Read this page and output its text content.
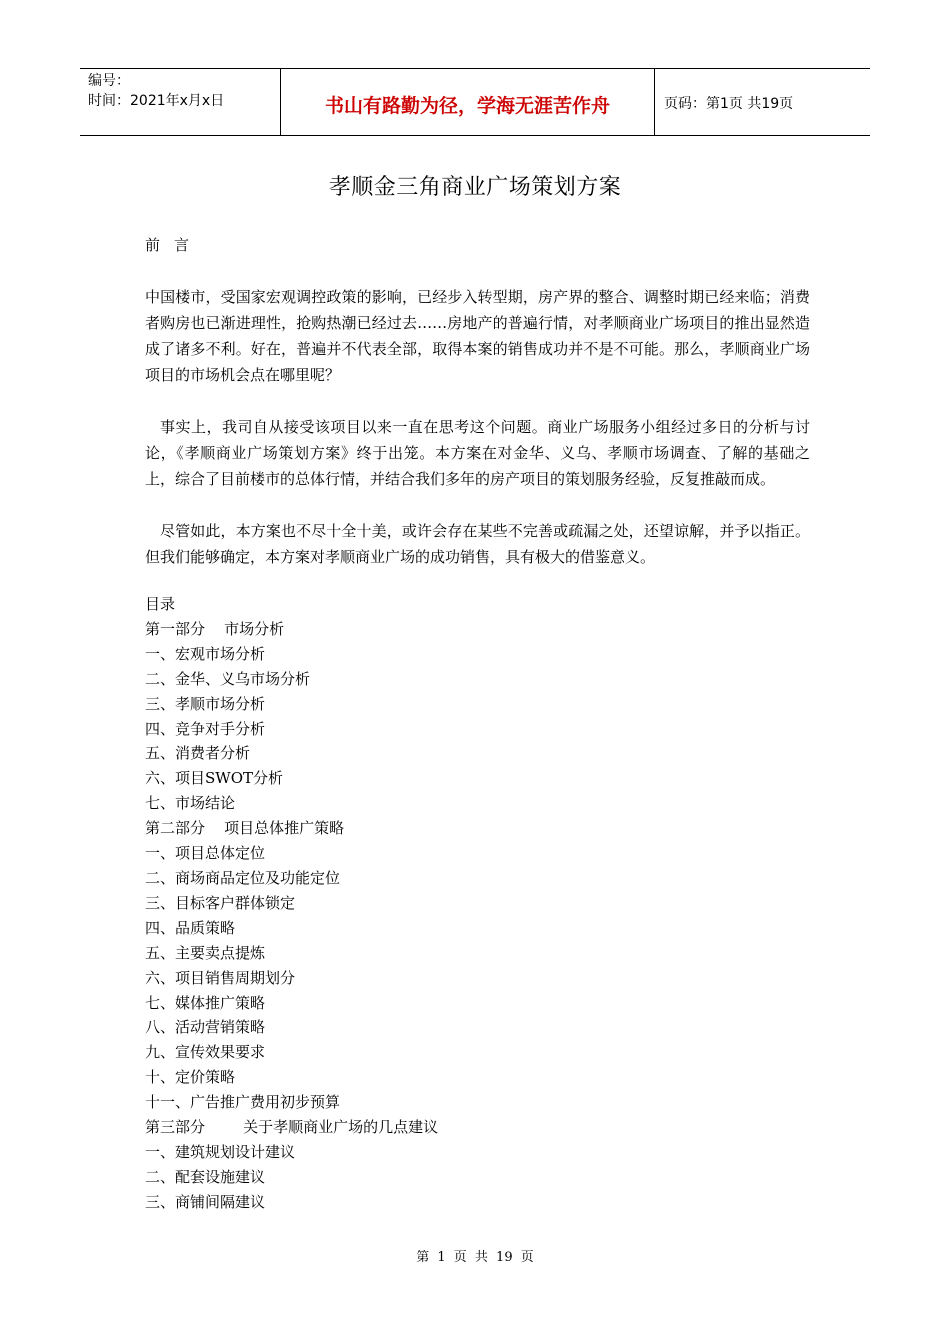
编号：
时间：2021年x月x日	书山有路勤为径，学海无涯苦作舟	页码：第1页 共19页
孝顺金三角商业广场策划方案

前言

中国楼市，受国家宏观调控政策的影响，已经步入转型期，房产界的整合、调整时期已经来临；消费者购房也已渐进理性，抢购热潮已经过去……房地产的普遍行情，对孝顺商业广场项目的推出显然造成了诸多不利。好在，普遍并不代表全部，取得本案的销售成功并不是不可能。那么，孝顺商业广场项目的市场机会点在哪里呢？

事实上，我司自从接受该项目以来一直在思考这个问题。商业广场服务小组经过多日的分析与讨论，《孝顺商业广场策划方案》终于出笼。本方案在对金华、义乌、孝顺市场调查、了解的基础之上，综合了目前楼市的总体行情，并结合我们多年的房产项目的策划服务经验，反复推敲而成。

尽管如此，本方案也不尽十全十美，或许会存在某些不完善或疏漏之处，还望谅解，并予以指正。但我们能够确定，本方案对孝顺商业广场的成功销售，具有极大的借鉴意义。

目录
第一部分    市场分析
一、宏观市场分析
二、金华、义乌市场分析
三、孝顺市场分析
四、竞争对手分析
五、消费者分析
六、项目SWOT分析
七、市场结论
第二部分    项目总体推广策略
一、项目总体定位
二、商场商品定位及功能定位
三、目标客户群体锁定
四、品质策略
五、主要卖点提炼
六、项目销售周期划分
七、媒体推广策略
八、活动营销策略
九、宣传效果要求
十、定价策略
十一、广告推广费用初步预算
第三部分        关于孝顺商业广场的几点建议
一、建筑规划设计建议
二、配套设施建议
三、商铺间隔建议
第 1 页 共 19 页
